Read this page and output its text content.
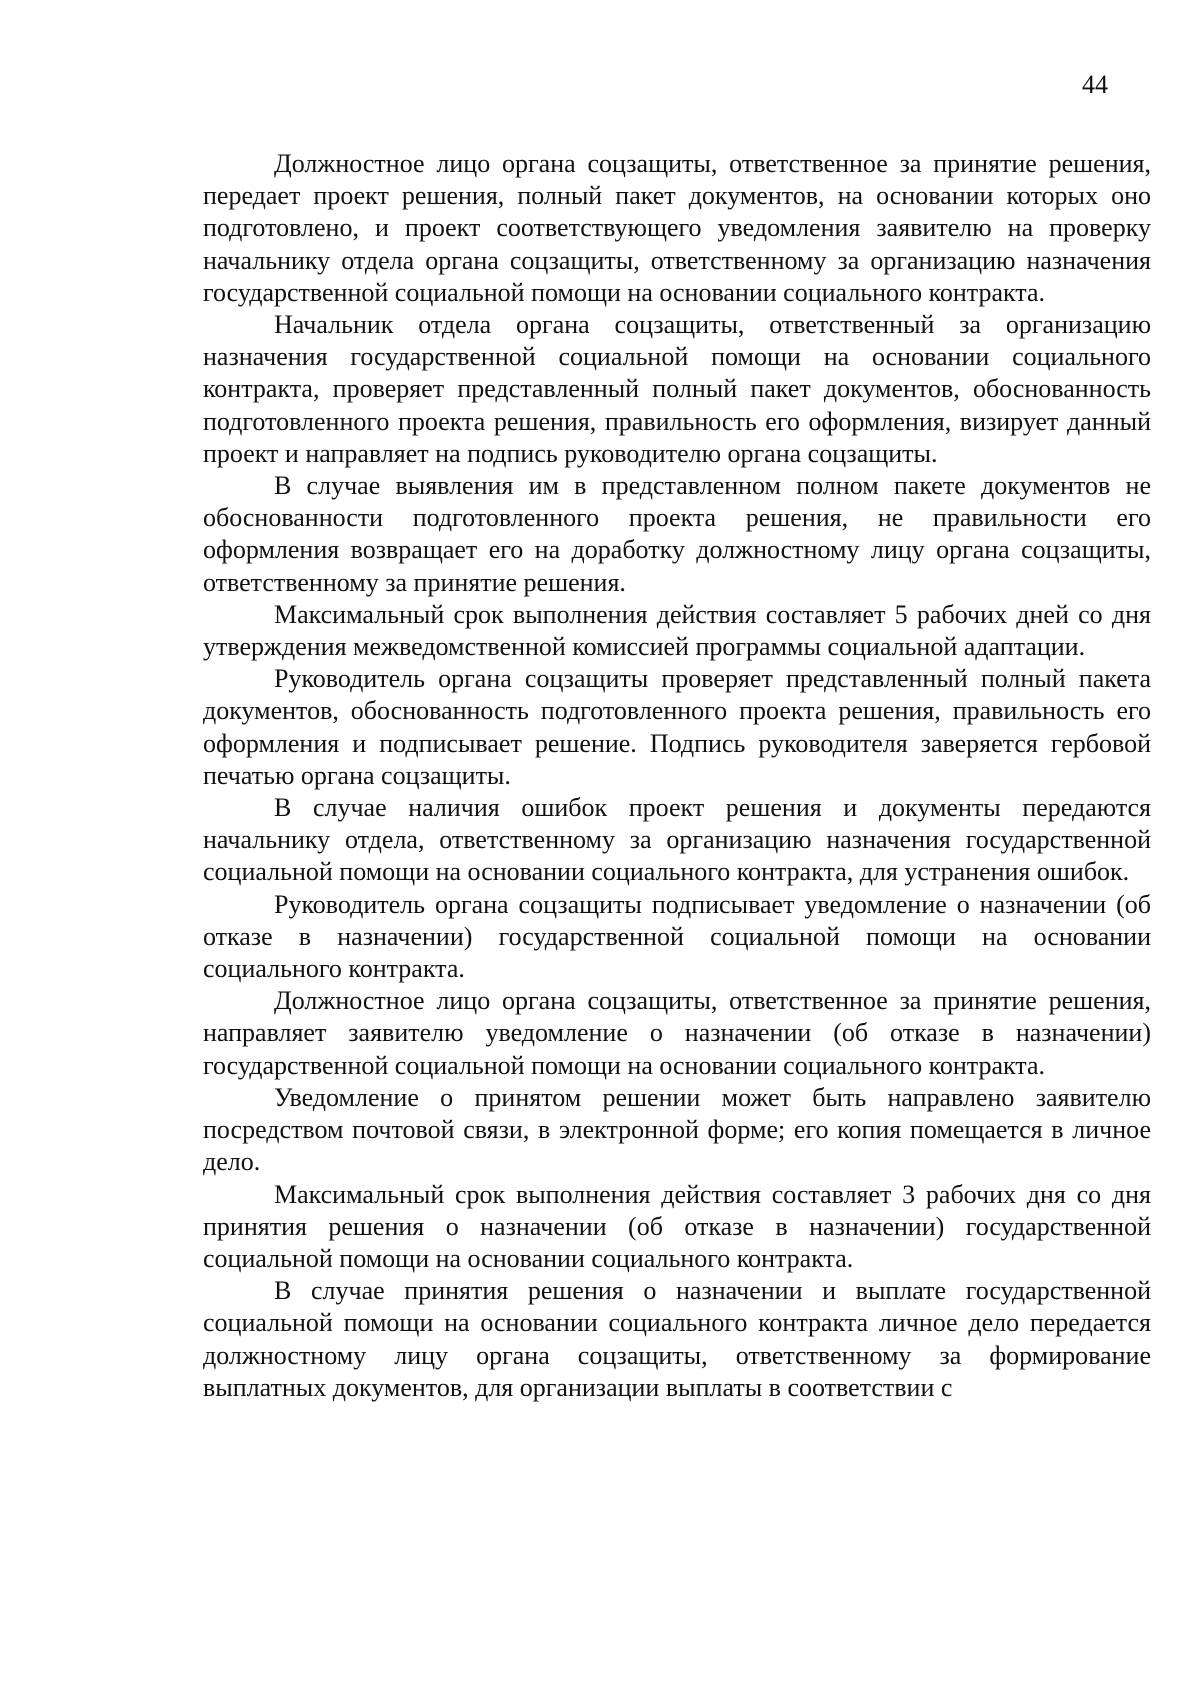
44

Должностное лицо органа соцзащиты, ответственное за принятие решения, передает проект решения, полный пакет документов, на основании которых оно подготовлено, и проект соответствующего уведомления заявителю на проверку начальнику отдела органа соцзащиты, ответственному за организацию назначения государственной социальной помощи на основании социального контракта.

Начальник отдела органа соцзащиты, ответственный за организацию назначения государственной социальной помощи на основании социального контракта, проверяет представленный полный пакет документов, обоснованность подготовленного проекта решения, правильность его оформления, визирует данный проект и направляет на подпись руководителю органа соцзащиты.

В случае выявления им в представленном полном пакете документов не обоснованности подготовленного проекта решения, не правильности его оформления возвращает его на доработку должностному лицу органа соцзащиты, ответственному за принятие решения.

Максимальный срок выполнения действия составляет 5 рабочих дней со дня утверждения межведомственной комиссией программы социальной адаптации.

Руководитель органа соцзащиты проверяет представленный полный пакета документов, обоснованность подготовленного проекта решения, правильность его оформления и подписывает решение. Подпись руководителя заверяется гербовой печатью органа соцзащиты.

В случае наличия ошибок проект решения и документы передаются начальнику отдела, ответственному за организацию назначения государственной социальной помощи на основании социального контракта, для устранения ошибок.

Руководитель органа соцзащиты подписывает уведомление о назначении (об отказе в назначении) государственной социальной помощи на основании социального контракта.

Должностное лицо органа соцзащиты, ответственное за принятие решения, направляет заявителю уведомление о назначении (об отказе в назначении) государственной социальной помощи на основании социального контракта.

Уведомление о принятом решении может быть направлено заявителю посредством почтовой связи, в электронной форме; его копия помещается в личное дело.

Максимальный срок выполнения действия составляет 3 рабочих дня со дня принятия решения о назначении (об отказе в назначении) государственной социальной помощи на основании социального контракта.

В случае принятия решения о назначении и выплате государственной социальной помощи на основании социального контракта личное дело передается должностному лицу органа соцзащиты, ответственному за формирование выплатных документов, для организации выплаты в соответствии с
